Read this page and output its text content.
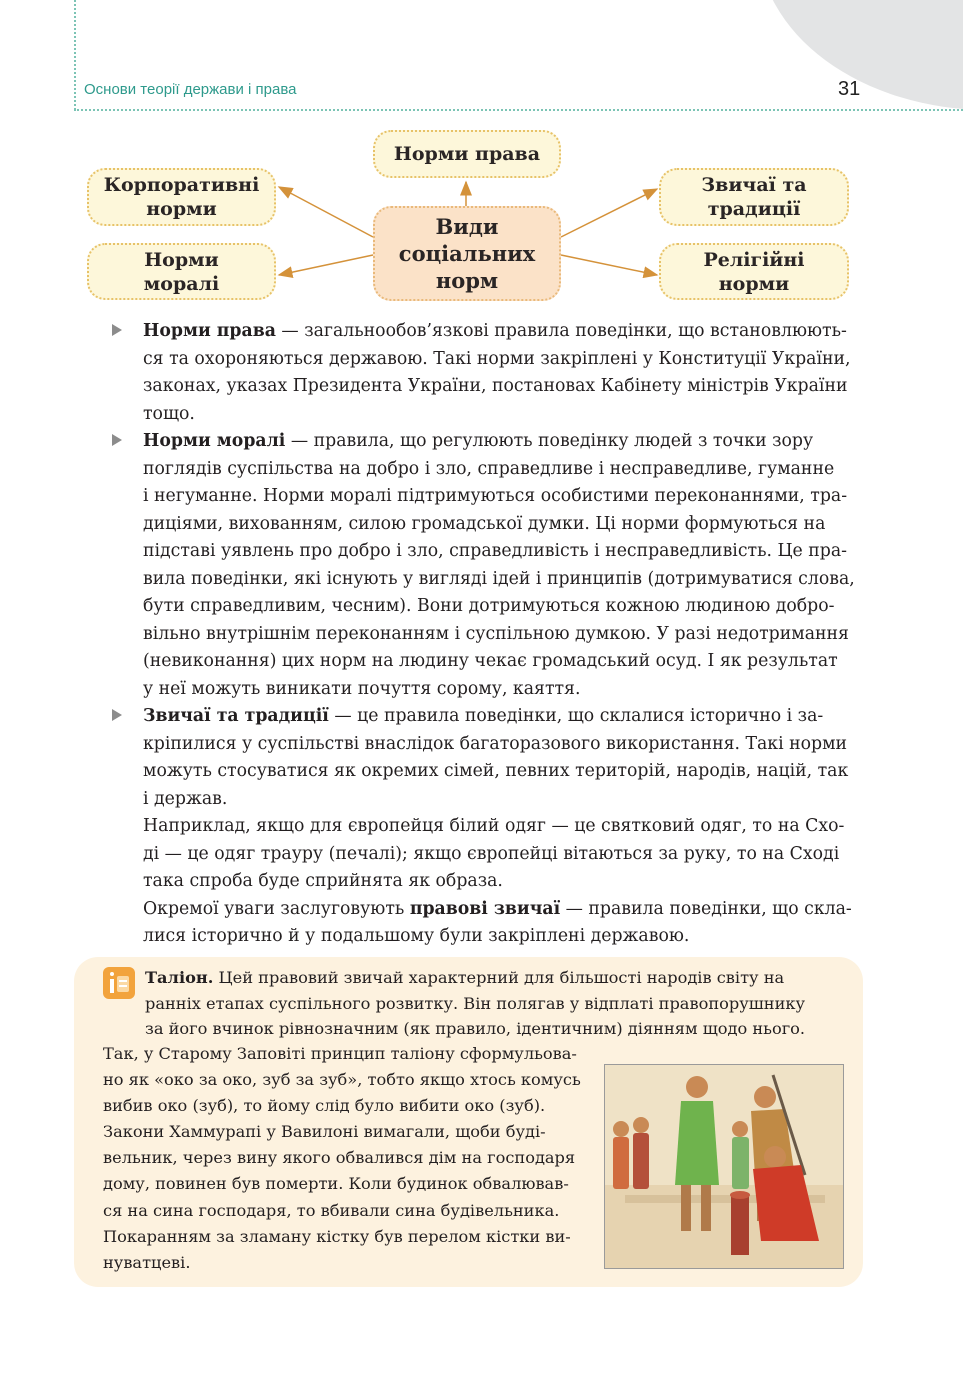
Основи теорії держави і права	31
Норми права
Корпоративні
норми
Норми
моралі
Види
соціальних
норм
Звичаї та
традиції
Релігійні
норми

Норми права — загальнообов’язкові правила поведінки, що встановлюють-

ся та охороняються державою. Такі норми закріплені у Конституції України,

законах, указах Президента України, постановах Кабінету міністрів України

тощо.

Норми моралі — правила, що регулюють поведінку людей з точки зору

поглядів суспільства на добро і зло, справедливе і несправедливе, гуманне

і негуманне. Норми моралі підтримуються особистими переконаннями, тра-

диціями, вихованням, силою громадської думки. Ці норми формуються на

підставі уявлень про добро і зло, справедливість і несправедливість. Це пра-

вила поведінки, які існують у вигляді ідей і принципів (дотримуватися слова,

бути справедливим, чесним). Вони дотримуються кожною людиною добро-

вільно внутрішнім переконанням і суспільною думкою. У разі недотримання

(невиконання) цих норм на людину чекає громадський осуд. І як результат

у неї можуть виникати почуття сорому, каяття.

Звичаї та традиції — це правила поведінки, що склалися історично і за-

кріпилися у суспільстві внаслідок багаторазового використання. Такі норми

можуть стосуватися як окремих сімей, певних територій, народів, націй, так

і держав.

Наприклад, якщо для європейця білий одяг — це святковий одяг, то на Схо-

ді — це одяг трауру (печалі); якщо європейці вітаються за руку, то на Сході

така спроба буде сприйнята як образа.

Окремої уваги заслуговують правові звичаї — правила поведінки, що скла-

лися історично й у подальшому були закріплені державою.

Таліон. Цей правовий звичай характерний для більшості народів світу на
ранніх етапах суспільного розвитку. Він полягав у відплаті правопорушнику
за його вчинок рівнозначним (як правило, ідентичним) діянням щодо нього.
Так, у Старому Заповіті принцип таліону сформульова-
но як «око за око, зуб за зуб», тобто якщо хтось комусь
вибив око (зуб), то йому слід було вибити око (зуб).
Закони Хаммурапі у Вавилоні вимагали, щоби буді-
вельник, через вину якого обвалився дім на господаря
дому, повинен був померти. Коли будинок обвалював-
ся на сина господаря, то вбивали сина будівельника.
Покаранням за зламану кістку був перелом кістки ви-
нуватцеві.
